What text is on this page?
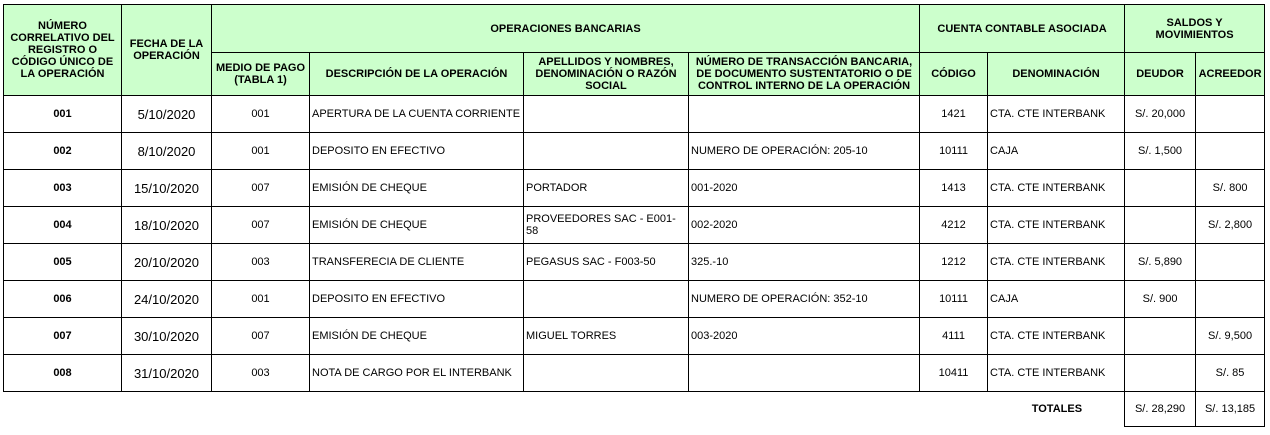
NÚMERO CORRELATIVO DEL REGISTRO O CÓDIGO ÚNICO DE LA OPERACIÓN	FECHA DE LA OPERACIÓN	OPERACIONES BANCARIAS				CUENTA CONTABLE ASOCIADA		SALDOS Y MOVIMIENTOS	
		MEDIO DE PAGO (TABLA 1)	DESCRIPCIÓN DE LA OPERACIÓN	APELLIDOS Y NOMBRES, DENOMINACIÓN O RAZÓN SOCIAL	NÚMERO DE TRANSACCIÓN BANCARIA, DE DOCUMENTO SUSTENTATORIO O DE CONTROL INTERNO DE LA OPERACIÓN	CÓDIGO	DENOMINACIÓN	DEUDOR	ACREEDOR
001	5/10/2020	001	APERTURA DE LA CUENTA CORRIENTE			1421	CTA. CTE INTERBANK	S/. 20,000	
002	8/10/2020	001	DEPOSITO EN EFECTIVO		NUMERO DE OPERACIÓN: 205-10	10111	CAJA	S/. 1,500	
003	15/10/2020	007	EMISIÓN DE CHEQUE	PORTADOR	001-2020	1413	CTA. CTE INTERBANK		S/. 800
004	18/10/2020	007	EMISIÓN DE CHEQUE	PROVEEDORES SAC - E001-58	002-2020	4212	CTA. CTE INTERBANK		S/. 2,800
005	20/10/2020	003	TRANSFERECIA DE CLIENTE	PEGASUS SAC - F003-50	325.-10	1212	CTA. CTE INTERBANK	S/. 5,890	
006	24/10/2020	001	DEPOSITO EN EFECTIVO		NUMERO DE OPERACIÓN: 352-10	10111	CAJA	S/. 900	
007	30/10/2020	007	EMISIÓN DE CHEQUE	MIGUEL TORRES	003-2020	4111	CTA. CTE INTERBANK		S/. 9,500
008	31/10/2020	003	NOTA DE CARGO POR EL INTERBANK			10411	CTA. CTE INTERBANK		S/. 85

TOTALES								S/. 28,290	S/. 13,185
